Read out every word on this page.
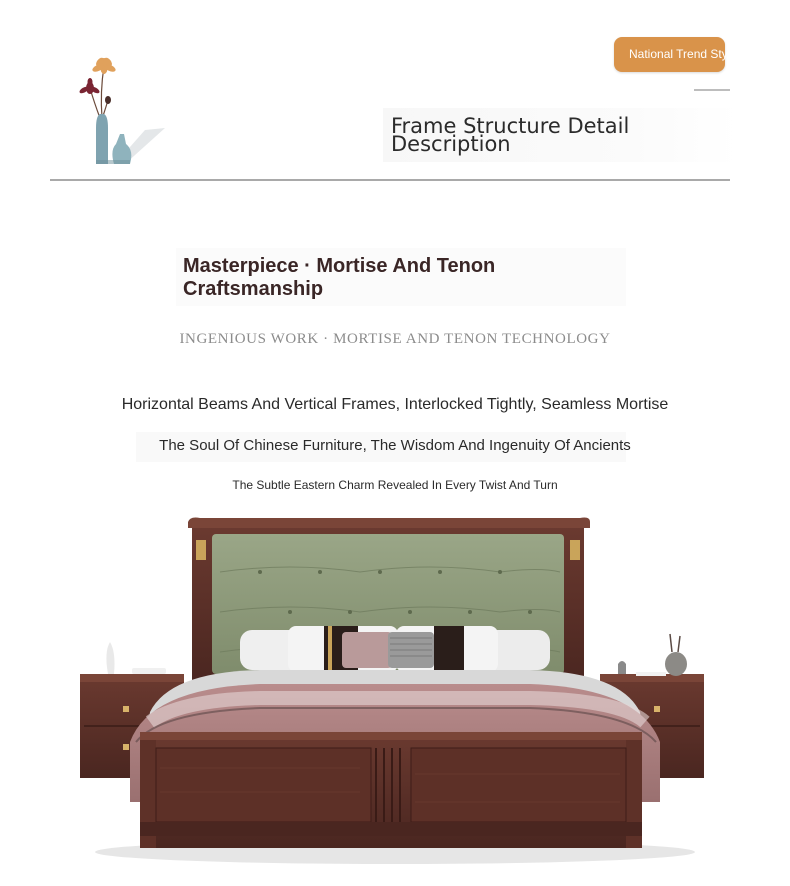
National Trend Style
Frame Structure Detail Description
Masterpiece · Mortise And Tenon Craftsmanship
INGENIOUS WORK · MORTISE AND TENON TECHNOLOGY
Horizontal Beams And Vertical Frames, Interlocked Tightly, Seamless Mortise
The Soul Of Chinese Furniture, The Wisdom And Ingenuity Of Ancients
The Subtle Eastern Charm Revealed In Every Twist And Turn
